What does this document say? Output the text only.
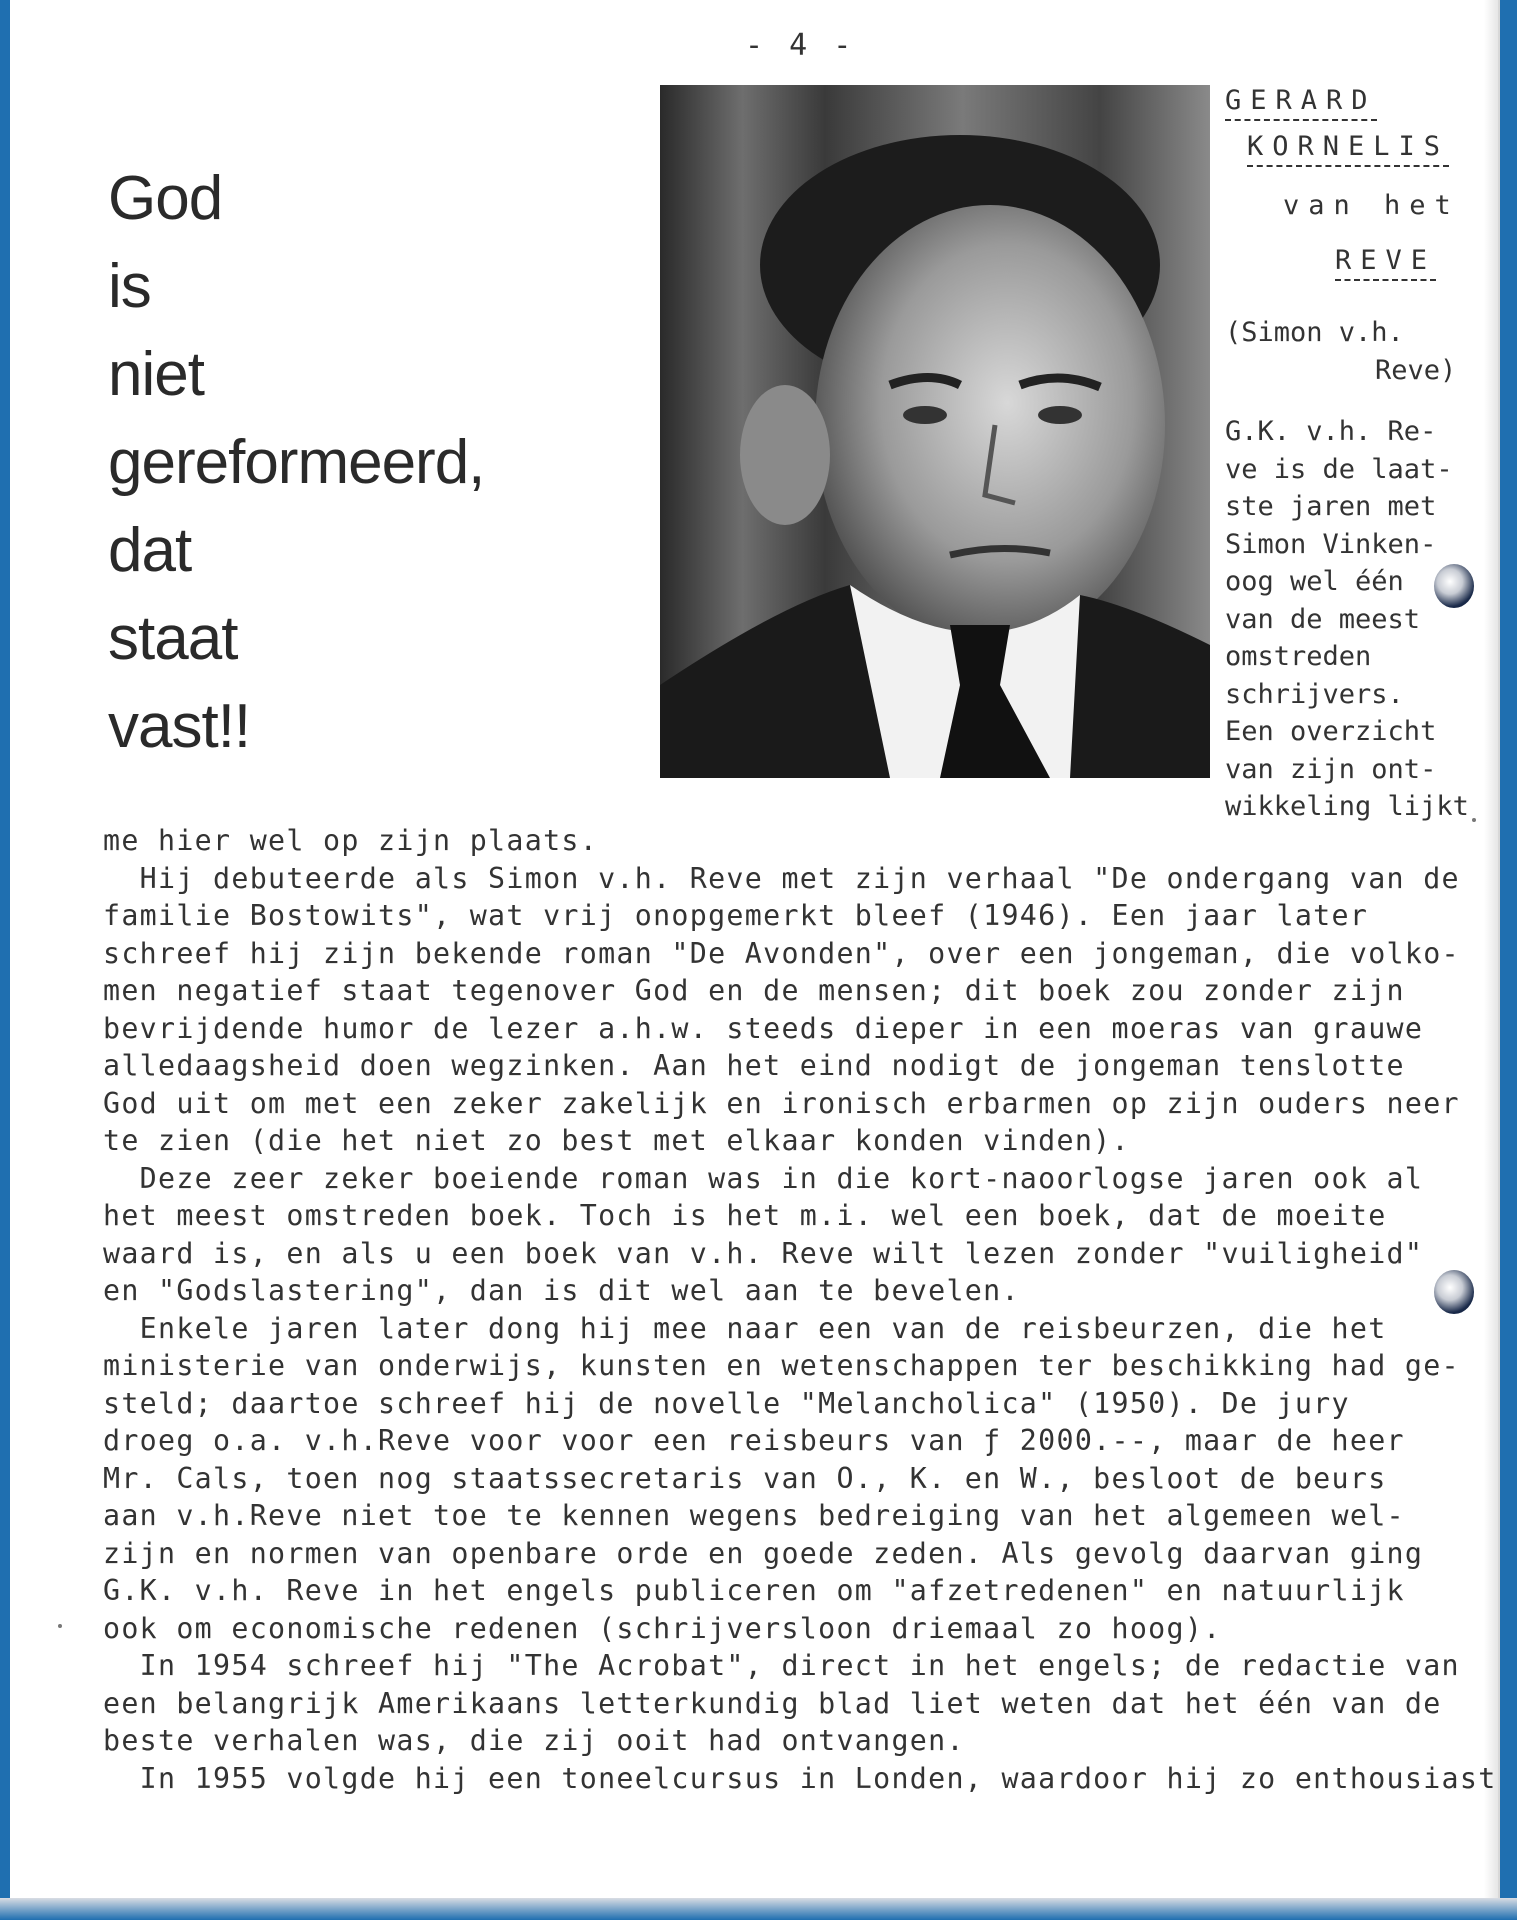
- 4 -
God
is
niet
gereformeerd,
dat
staat
vast!!
GERARD
KORNELIS
van het
REVE
(Simon v.h.
Reve)
G.K. v.h. Re-
ve is de laat-
ste jaren met
Simon Vinken-
oog wel één
van de meest
omstreden
schrijvers.
Een overzicht
van zijn ont-
wikkeling lijkt
me hier wel op zijn plaats.
Hij debuteerde als Simon v.h. Reve met zijn verhaal "De ondergang van de
familie Bostowits", wat vrij onopgemerkt bleef (1946). Een jaar later
schreef hij zijn bekende roman "De Avonden", over een jongeman, die volko-
men negatief staat tegenover God en de mensen; dit boek zou zonder zijn
bevrijdende humor de lezer a.h.w. steeds dieper in een moeras van grauwe
alledaagsheid doen wegzinken. Aan het eind nodigt de jongeman tenslotte
God uit om met een zeker zakelijk en ironisch erbarmen op zijn ouders neer
te zien (die het niet zo best met elkaar konden vinden).
Deze zeer zeker boeiende roman was in die kort-naoorlogse jaren ook al
het meest omstreden boek. Toch is het m.i. wel een boek, dat de moeite
waard is, en als u een boek van v.h. Reve wilt lezen zonder "vuiligheid"
en "Godslastering", dan is dit wel aan te bevelen.
Enkele jaren later dong hij mee naar een van de reisbeurzen, die het
ministerie van onderwijs, kunsten en wetenschappen ter beschikking had ge-
steld; daartoe schreef hij de novelle "Melancholica" (1950). De jury
droeg o.a. v.h.Reve voor voor een reisbeurs van ƒ 2000.--, maar de heer
Mr. Cals, toen nog staatssecretaris van O., K. en W., besloot de beurs
aan v.h.Reve niet toe te kennen wegens bedreiging van het algemeen wel-
zijn en normen van openbare orde en goede zeden. Als gevolg daarvan ging
G.K. v.h. Reve in het engels publiceren om "afzetredenen" en natuurlijk
ook om economische redenen (schrijversloon driemaal zo hoog).
In 1954 schreef hij "The Acrobat", direct in het engels; de redactie van
een belangrijk Amerikaans letterkundig blad liet weten dat het één van de
beste verhalen was, die zij ooit had ontvangen.
In 1955 volgde hij een toneelcursus in Londen, waardoor hij zo enthousiast
